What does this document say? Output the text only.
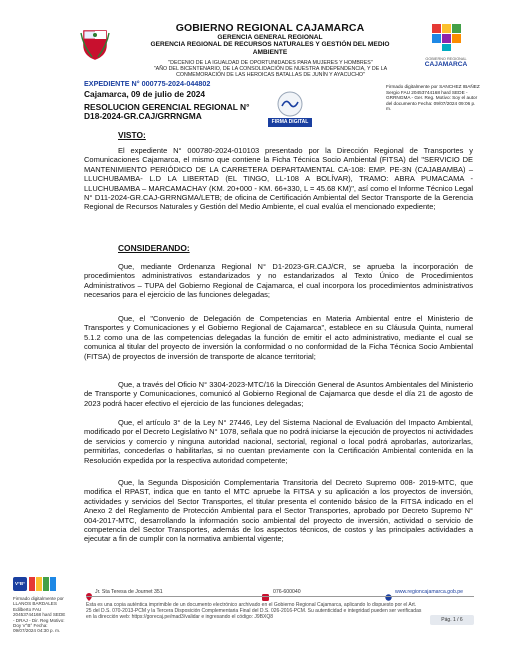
GOBIERNO REGIONAL CAJAMARCA
GERENCIA GENERAL REGIONAL
GERENCIA REGIONAL DE RECURSOS NATURALES Y GESTIÓN DEL MEDIO
AMBIENTE
GOBIERNO REGIONAL
CAJAMARCA
"DECENIO DE LA IGUALDAD DE OPORTUNIDADES PARA MUJERES Y HOMBRES"
"AÑO DEL BICENTENARIO, DE LA CONSOLIDACIÓN DE NUESTRA INDEPENDENCIA, Y DE LA
CONMEMORACIÓN DE LAS HEROICAS BATALLAS DE JUNÍN Y AYACUCHO"
EXPEDIENTE N° 000775-2024-044802
Cajamarca, 09 de julio de 2024
RESOLUCION GERENCIAL REGIONAL N° D18-2024-GR.CAJ/GRRNGMA
FIRMA DIGITAL
Firmado digitalmente por SANCHEZ IBAÑEZ Sergio FAU 20453744168 hard SEDE - GRRNGMA - Ger. Reg. Motivo: Soy el autor del documento Fecha: 09/07/2024 09:06 p. m.
VISTO:

El expediente N° 000780-2024-010103 presentado por la Dirección Regional de Transportes y Comunicaciones Cajamarca, el mismo que contiene la Ficha Técnica Socio Ambiental (FITSA) del "SERVICIO DE MANTENIMIENTO PERIÓDICO DE LA CARRETERA DEPARTAMENTAL CA-108: EMP. PE-3N (CAJABAMBA) –LLUCHUBAMBA- L.D LA LIBERTAD (EL TINGO, LL-108 A BOLÍVAR), TRAMO: ABRA PUMACAMA - LLUCHUBAMBA – MARCAMACHAY (KM. 20+000 - KM. 66+330, L = 45.68 KM)", así como el Informe Técnico Legal N° D11-2024-GR.CAJ-GRRNGMA/LETB; de oficina de Certificación Ambiental del Sector Transporte de la Gerencia Regional de Recursos Naturales y Gestión del Medio Ambiente, el cual evalúa el mencionado expediente;

CONSIDERANDO:

Que, mediante Ordenanza Regional N° D1-2023-GR.CAJ/CR, se aprueba la incorporación de procedimientos administrativos estandarizados y no estandarizados al Texto Único de Procedimientos Administrativos – TUPA del Gobierno Regional de Cajamarca, el cual incorpora los procedimientos administrativos necesarios para el ejercicio de las funciones delegadas;

Que, el "Convenio de Delegación de Competencias en Materia Ambiental entre el Ministerio de Transportes y Comunicaciones y el Gobierno Regional de Cajamarca", establece en su Cláusula Quinta, numeral 5.1.2 como una de las competencias delegadas la función de emitir el acto administrativo, mediante el cual se comunica al titular del proyecto de inversión la conformidad o no conformidad de la Ficha Técnica Socio Ambiental (FITSA) de proyectos de inversión de transporte de alcance territorial;

Que, a través del Oficio N° 3304-2023-MTC/16 la Dirección General de Asuntos Ambientales del Ministerio de Transporte y Comunicaciones, comunicó al Gobierno Regional de Cajamarca que desde el día 21 de agosto de 2023 podrá hacer efectivo el ejercicio de las funciones delegadas;

Que, el artículo 3° de la Ley N° 27446, Ley del Sistema Nacional de Evaluación del Impacto Ambiental, modificado por el Decreto Legislativo N° 1078, señala que no podrá iniciarse la ejecución de proyectos ni actividades de servicios y comercio y ninguna autoridad nacional, sectorial, regional o local podrá aprobarlas, autorizarlas, permitirlas, concederlas o habilitarlas, si no cuentan previamente con la Certificación Ambiental contenida en la Resolución expedida por la respectiva autoridad competente;

Que, la Segunda Disposición Complementaria Transitoria del Decreto Supremo 008- 2019-MTC, que modifica el RPAST, indica que en tanto el MTC apruebe la FITSA y su aplicación a los proyectos de inversión, actividades y servicios del Sector Transportes, el titular presenta el contenido básico de la FITSA indicado en el Anexo 2 del Reglamento de Protección Ambiental para el Sector Transportes, aprobado por Decreto Supremo N° 004-2017-MTC, desarrollando la información socio ambiental del proyecto de inversión, actividad o servicio de competencia del Sector Transportes, además de los aspectos técnicos, de costos y las principales actividades a ejecutar a fin de cumplir con la normativa ambiental vigente;

V°B°
Firmado digitalmente por LLANOS BARDALES Edilberto FAU 20453744168 hard SEDE - DRAJ - Dir. Reg Motivo: Doy V°B° Fecha: 09/07/2024 04:30 p. m.
Jr. Sta Teresa de Journet 351	076-600040	www.regioncajamarca.gob.pe
Esta es una copia auténtica imprimible de un documento electrónico archivado en el Gobierno Regional Cajamarca, aplicando lo dispuesto por el Art. 25 del D.S. 070-2013-PCM y la Tercera Disposición Complementaria Final del D.S. 026-2016-PCM. Su autenticidad e integridad pueden ser verificadas en la dirección web: https://gorecaj.pe/mad3/validar e ingresando el código: J9BXQ8	Pág. 1 / 6
